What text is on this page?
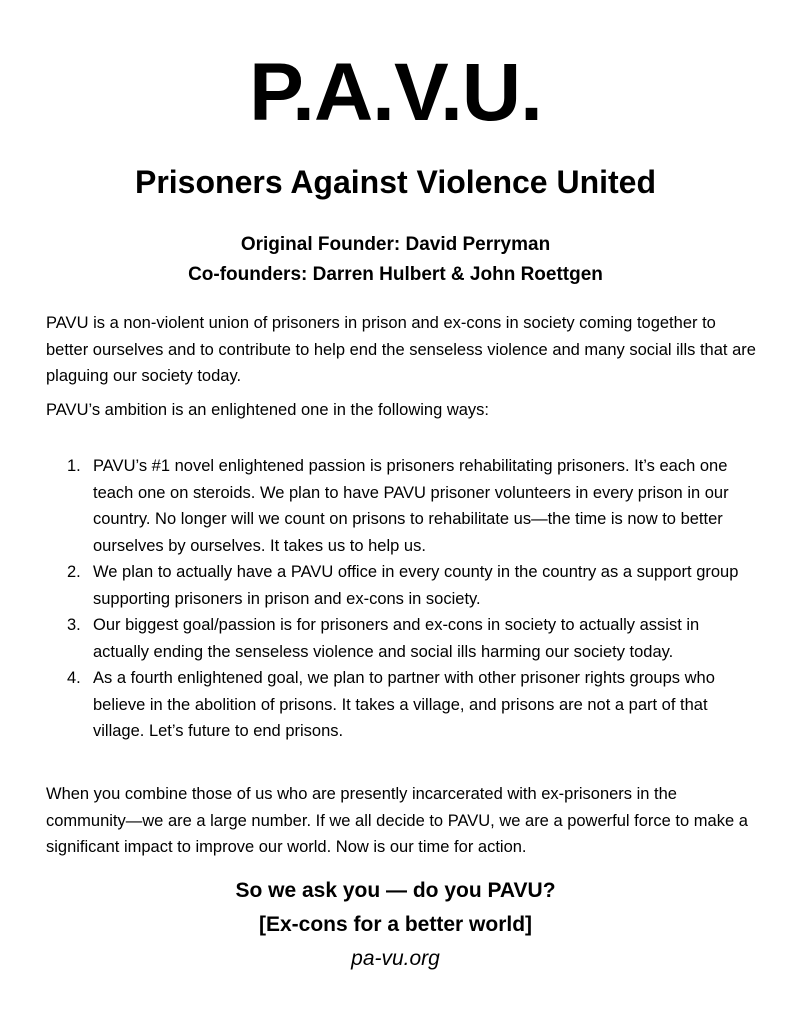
P.A.V.U.
Prisoners Against Violence United
Original Founder: David Perryman
Co-founders: Darren Hulbert & John Roettgen
PAVU is a non-violent union of prisoners in prison and ex-cons in society coming together to better ourselves and to contribute to help end the senseless violence and many social ills that are plaguing our society today.
PAVU’s ambition is an enlightened one in the following ways:
1. PAVU’s #1 novel enlightened passion is prisoners rehabilitating prisoners. It’s each one teach one on steroids. We plan to have PAVU prisoner volunteers in every prison in our country. No longer will we count on prisons to rehabilitate us—the time is now to better ourselves by ourselves. It takes us to help us.
2. We plan to actually have a PAVU office in every county in the country as a support group supporting prisoners in prison and ex-cons in society.
3. Our biggest goal/passion is for prisoners and ex-cons in society to actually assist in actually ending the senseless violence and social ills harming our society today.
4. As a fourth enlightened goal, we plan to partner with other prisoner rights groups who believe in the abolition of prisons. It takes a village, and prisons are not a part of that village. Let’s future to end prisons.
When you combine those of us who are presently incarcerated with ex-prisoners in the community—we are a large number. If we all decide to PAVU, we are a powerful force to make a significant impact to improve our world. Now is our time for action.
So we ask you — do you PAVU?
[Ex-cons for a better world]
pa-vu.org
